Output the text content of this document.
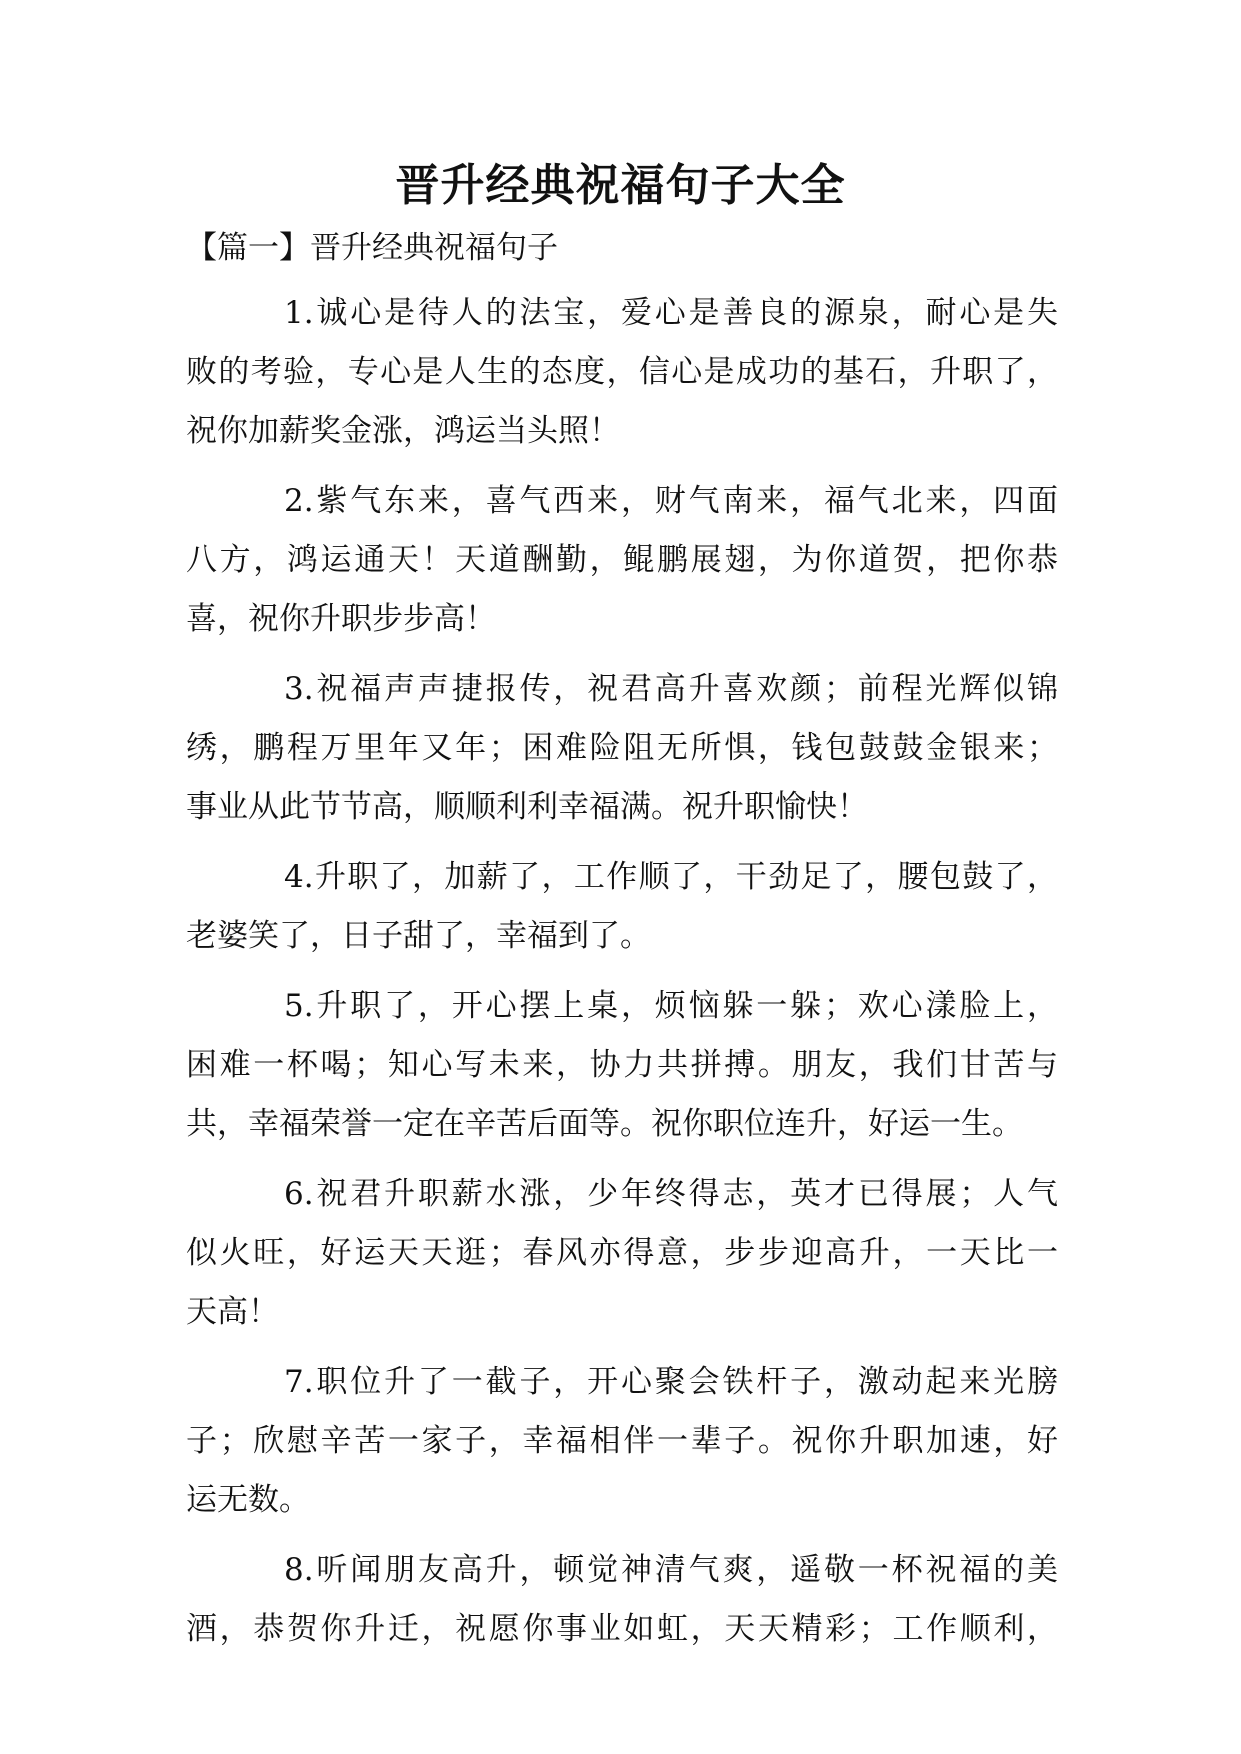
晋升经典祝福句子大全
【篇一】晋升经典祝福句子
1.诚心是待人的法宝，爱心是善良的源泉，耐心是失
败的考验，专心是人生的态度，信心是成功的基石，升职了，
祝你加薪奖金涨，鸿运当头照！
2.紫气东来，喜气西来，财气南来，福气北来，四面
八方，鸿运通天！天道酬勤，鲲鹏展翅，为你道贺，把你恭
喜，祝你升职步步高！
3.祝福声声捷报传，祝君高升喜欢颜；前程光辉似锦
绣，鹏程万里年又年；困难险阻无所惧，钱包鼓鼓金银来；
事业从此节节高，顺顺利利幸福满。祝升职愉快！
4.升职了，加薪了，工作顺了，干劲足了，腰包鼓了，
老婆笑了，日子甜了，幸福到了。
5.升职了，开心摆上桌，烦恼躲一躲；欢心漾脸上，
困难一杯喝；知心写未来，协力共拼搏。朋友，我们甘苦与
共，幸福荣誉一定在辛苦后面等。祝你职位连升，好运一生。
6.祝君升职薪水涨，少年终得志，英才已得展；人气
似火旺，好运天天逛；春风亦得意，步步迎高升，一天比一
天高！
7.职位升了一截子，开心聚会铁杆子，激动起来光膀
子；欣慰辛苦一家子，幸福相伴一辈子。祝你升职加速，好
运无数。
8.听闻朋友高升，顿觉神清气爽，遥敬一杯祝福的美
酒，恭贺你升迁，祝愿你事业如虹，天天精彩；工作顺利，
